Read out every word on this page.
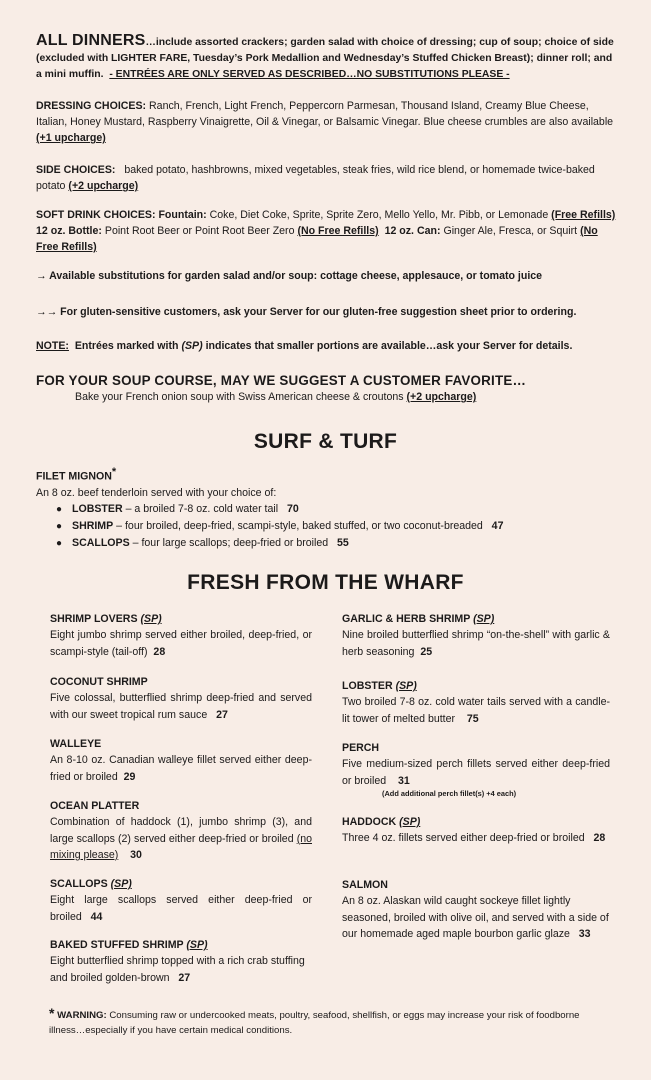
ALL DINNERS…include assorted crackers; garden salad with choice of dressing; cup of soup; choice of side (excluded with LIGHTER FARE, Tuesday’s Pork Medallion and Wednesday’s Stuffed Chicken Breast); dinner roll; and a mini muffin. - ENTRÉES ARE ONLY SERVED AS DESCRIBED…NO SUBSTITUTIONS PLEASE -
DRESSING CHOICES: Ranch, French, Light French, Peppercorn Parmesan, Thousand Island, Creamy Blue Cheese, Italian, Honey Mustard, Raspberry Vinaigrette, Oil & Vinegar, or Balsamic Vinegar. Blue cheese crumbles are also available (+1 upcharge)
SIDE CHOICES: baked potato, hashbrowns, mixed vegetables, steak fries, wild rice blend, or homemade twice-baked potato (+2 upcharge)
SOFT DRINK CHOICES: Fountain: Coke, Diet Coke, Sprite, Sprite Zero, Mello Yello, Mr. Pibb, or Lemonade (Free Refills)  12 oz. Bottle: Point Root Beer or Point Root Beer Zero (No Free Refills) 12 oz. Can: Ginger Ale, Fresca, or Squirt (No Free Refills)
→ Available substitutions for garden salad and/or soup: cottage cheese, applesauce, or tomato juice
→→ For gluten-sensitive customers, ask your Server for our gluten-free suggestion sheet prior to ordering.
NOTE: Entrées marked with (SP) indicates that smaller portions are available…ask your Server for details.
FOR YOUR SOUP COURSE, MAY WE SUGGEST A CUSTOMER FAVORITE…
Bake your French onion soup with Swiss American cheese & croutons (+2 upcharge)
SURF & TURF
FILET MIGNON*
An 8 oz. beef tenderloin served with your choice of:
● LOBSTER – a broiled 7-8 oz. cold water tail 70
● SHRIMP – four broiled, deep-fried, scampi-style, baked stuffed, or two coconut-breaded 47
● SCALLOPS – four large scallops; deep-fried or broiled 55
FRESH FROM THE WHARF
SHRIMP LOVERS (SP)
Eight jumbo shrimp served either broiled, deep-fried, or scampi-style (tail-off) 28
COCONUT SHRIMP
Five colossal, butterflied shrimp deep-fried and served with our sweet tropical rum sauce 27
WALLEYE
An 8-10 oz. Canadian walleye fillet served either deep-fried or broiled 29
OCEAN PLATTER
Combination of haddock (1), jumbo shrimp (3), and large scallops (2) served either deep-fried or broiled (no mixing please) 30
SCALLOPS (SP)
Eight large scallops served either deep-fried or broiled 44
BAKED STUFFED SHRIMP (SP)
Eight butterflied shrimp topped with a rich crab stuffing and broiled golden-brown 27
GARLIC & HERB SHRIMP (SP)
Nine broiled butterflied shrimp “on-the-shell” with garlic & herb seasoning 25
LOBSTER (SP)
Two broiled 7-8 oz. cold water tails served with a candle-lit tower of melted butter 75
PERCH
Five medium-sized perch fillets served either deep-fried or broiled 31
(Add additional perch fillet(s) +4 each)
HADDOCK (SP)
Three 4 oz. fillets served either deep-fried or broiled 28
SALMON
An 8 oz. Alaskan wild caught sockeye fillet lightly seasoned, broiled with olive oil, and served with a side of our homemade aged maple bourbon garlic glaze 33
* WARNING: Consuming raw or undercooked meats, poultry, seafood, shellfish, or eggs may increase your risk of foodborne illness…especially if you have certain medical conditions.
